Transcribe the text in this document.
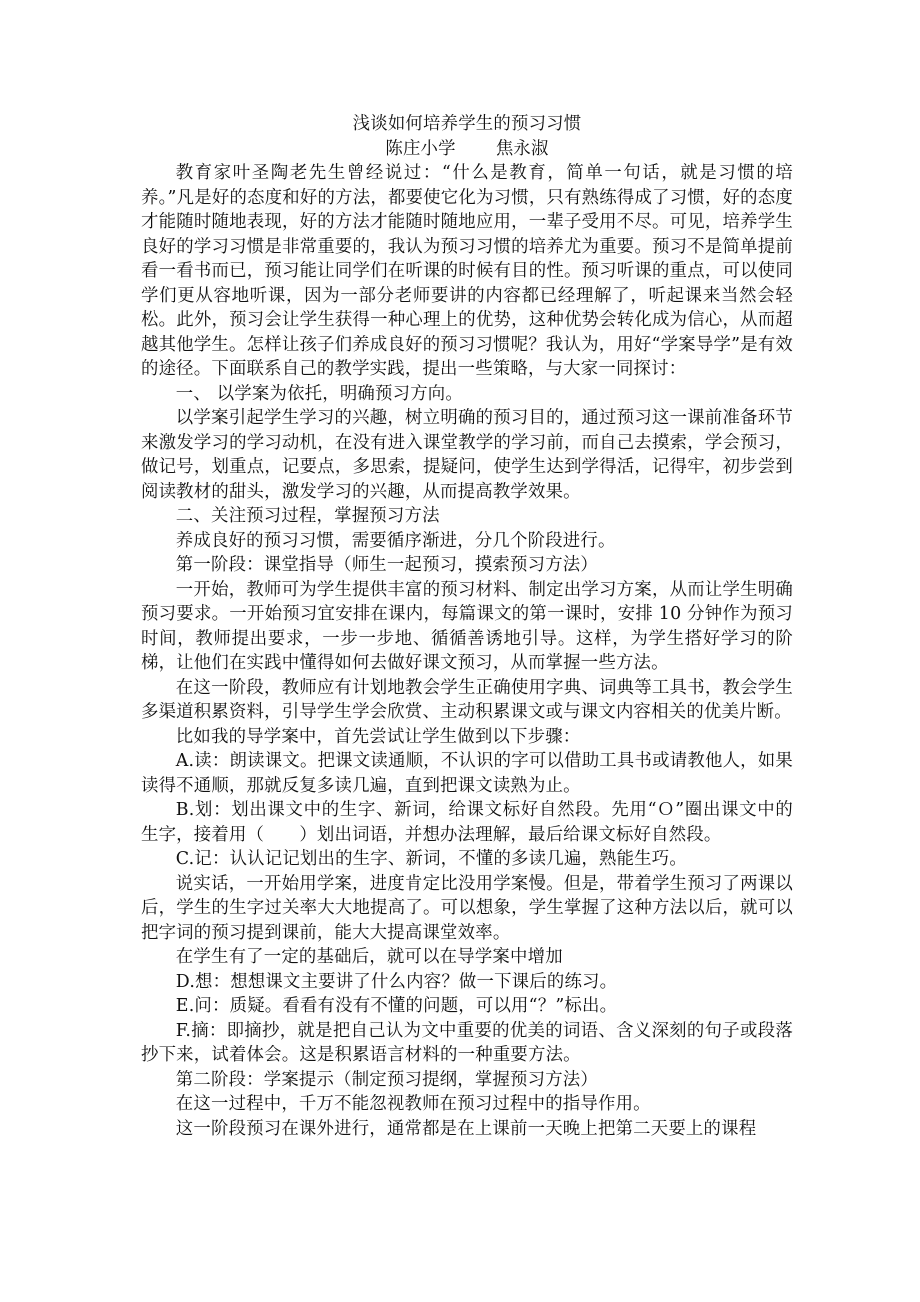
浅谈如何培养学生的预习习惯

陈庄小学 焦永淑

教育家叶圣陶老先生曾经说过：“什么是教育，简单一句话，就是习惯的培养。”凡是好的态度和好的方法，都要使它化为习惯，只有熟练得成了习惯，好的态度才能随时随地表现，好的方法才能随时随地应用，一辈子受用不尽。可见，培养学生良好的学习习惯是非常重要的，我认为预习习惯的培养尤为重要。预习不是简单提前看一看书而已，预习能让同学们在听课的时候有目的性。预习听课的重点，可以使同学们更从容地听课，因为一部分老师要讲的内容都已经理解了，听起课来当然会轻松。此外，预习会让学生获得一种心理上的优势，这种优势会转化成为信心，从而超越其他学生。怎样让孩子们养成良好的预习习惯呢？我认为，用好“学案导学”是有效的途径。下面联系自己的教学实践，提出一些策略，与大家一同探讨：

一、 以学案为依托，明确预习方向。

以学案引起学生学习的兴趣，树立明确的预习目的，通过预习这一课前准备环节来激发学习的学习动机，在没有进入课堂教学的学习前，而自己去摸索，学会预习，做记号，划重点，记要点，多思索，提疑问，使学生达到学得活，记得牢，初步尝到阅读教材的甜头，激发学习的兴趣，从而提高教学效果。

二、关注预习过程，掌握预习方法

养成良好的预习习惯，需要循序渐进，分几个阶段进行。

第一阶段：课堂指导（师生一起预习，摸索预习方法）

一开始，教师可为学生提供丰富的预习材料、制定出学习方案，从而让学生明确预习要求。一开始预习宜安排在课内，每篇课文的第一课时，安排 10 分钟作为预习时间，教师提出要求，一步一步地、循循善诱地引导。这样，为学生搭好学习的阶梯，让他们在实践中懂得如何去做好课文预习，从而掌握一些方法。

在这一阶段，教师应有计划地教会学生正确使用字典、词典等工具书，教会学生多渠道积累资料，引导学生学会欣赏、主动积累课文或与课文内容相关的优美片断。

比如我的导学案中，首先尝试让学生做到以下步骤：

A.读：朗读课文。把课文读通顺，不认识的字可以借助工具书或请教他人，如果读得不通顺，那就反复多读几遍，直到把课文读熟为止。

B.划：划出课文中的生字、新词，给课文标好自然段。先用“Ｏ”圈出课文中的生字，接着用（　　）划出词语，并想办法理解，最后给课文标好自然段。

C.记：认认记记划出的生字、新词，不懂的多读几遍，熟能生巧。

说实话，一开始用学案，进度肯定比没用学案慢。但是，带着学生预习了两课以后，学生的生字过关率大大地提高了。可以想象，学生掌握了这种方法以后，就可以把字词的预习提到课前，能大大提高课堂效率。

在学生有了一定的基础后，就可以在导学案中增加

D.想：想想课文主要讲了什么内容？做一下课后的练习。

E.问：质疑。看看有没有不懂的问题，可以用“？”标出。

F.摘：即摘抄，就是把自己认为文中重要的优美的词语、含义深刻的句子或段落抄下来，试着体会。这是积累语言材料的一种重要方法。

第二阶段：学案提示（制定预习提纲，掌握预习方法）

在这一过程中，千万不能忽视教师在预习过程中的指导作用。

这一阶段预习在课外进行，通常都是在上课前一天晚上把第二天要上的课程
